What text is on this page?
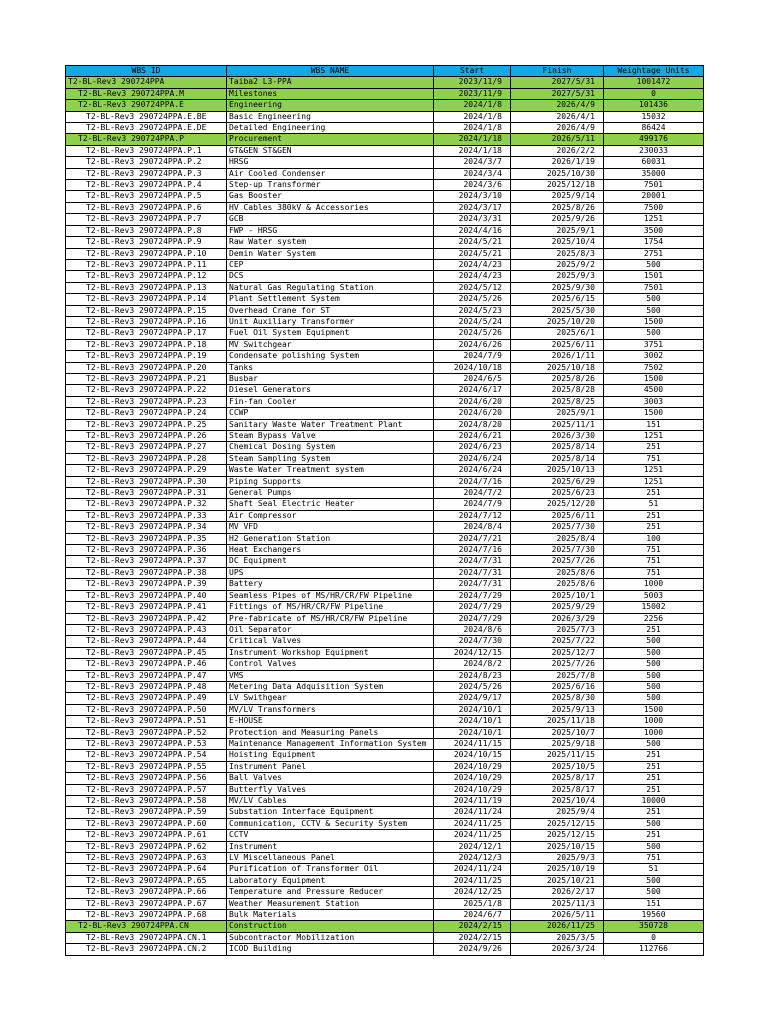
WBS ID	WBS NAME	Start	Finish	Weightage Units
T2-BL-Rev3 290724PPA	Taiba2 L3-PPA	2023/11/9	2027/5/31	1001472
T2-BL-Rev3 290724PPA.M	Milestones	2023/11/9	2027/5/31	0
T2-BL-Rev3 290724PPA.E	Engineering	2024/1/8	2026/4/9	101436
T2-BL-Rev3 290724PPA.E.BE	Basic Engineering	2024/1/8	2026/4/1	15032
T2-BL-Rev3 290724PPA.E.DE	Detailed Engineering	2024/1/8	2026/4/9	86424
T2-BL-Rev3 290724PPA.P	Procurement	2024/1/18	2026/5/11	499176
T2-BL-Rev3 290724PPA.P.1	GT&GEN ST&GEN	2024/1/18	2026/2/2	230033
T2-BL-Rev3 290724PPA.P.2	HRSG	2024/3/7	2026/1/19	60031
T2-BL-Rev3 290724PPA.P.3	Air Cooled Condenser	2024/3/4	2025/10/30	35000
T2-BL-Rev3 290724PPA.P.4	Step-up Transformer	2024/3/6	2025/12/18	7501
T2-BL-Rev3 290724PPA.P.5	Gas Booster	2024/3/10	2025/9/14	20001
T2-BL-Rev3 290724PPA.P.6	HV Cables 380kV & Accessories	2024/3/17	2025/8/26	7500
T2-BL-Rev3 290724PPA.P.7	GCB	2024/3/31	2025/9/26	1251
T2-BL-Rev3 290724PPA.P.8	FWP - HRSG	2024/4/16	2025/9/1	3500
T2-BL-Rev3 290724PPA.P.9	Raw Water system	2024/5/21	2025/10/4	1754
T2-BL-Rev3 290724PPA.P.10	Demin Water System	2024/5/21	2025/8/3	2751
T2-BL-Rev3 290724PPA.P.11	CEP	2024/4/23	2025/9/2	500
T2-BL-Rev3 290724PPA.P.12	DCS	2024/4/23	2025/9/3	1501
T2-BL-Rev3 290724PPA.P.13	Natural Gas Regulating Station	2024/5/12	2025/9/30	7501
T2-BL-Rev3 290724PPA.P.14	Plant Settlement System	2024/5/26	2025/6/15	500
T2-BL-Rev3 290724PPA.P.15	Overhead Crane for ST	2024/5/23	2025/5/30	500
T2-BL-Rev3 290724PPA.P.16	Unit Auxiliary Transformer	2024/5/24	2025/10/20	1500
T2-BL-Rev3 290724PPA.P.17	Fuel Oil System Equipment	2024/5/26	2025/6/1	500
T2-BL-Rev3 290724PPA.P.18	MV Switchgear	2024/6/26	2025/6/11	3751
T2-BL-Rev3 290724PPA.P.19	Condensate polishing System	2024/7/9	2026/1/11	3002
T2-BL-Rev3 290724PPA.P.20	Tanks	2024/10/18	2025/10/18	7502
T2-BL-Rev3 290724PPA.P.21	Busbar	2024/6/5	2025/8/26	1500
T2-BL-Rev3 290724PPA.P.22	Diesel Generators	2024/6/17	2025/8/28	4500
T2-BL-Rev3 290724PPA.P.23	Fin-fan Cooler	2024/6/20	2025/8/25	3003
T2-BL-Rev3 290724PPA.P.24	CCWP	2024/6/20	2025/9/1	1500
T2-BL-Rev3 290724PPA.P.25	Sanitary Waste Water Treatment Plant	2024/8/20	2025/11/1	151
T2-BL-Rev3 290724PPA.P.26	Steam Bypass Valve	2024/6/21	2026/3/30	1251
T2-BL-Rev3 290724PPA.P.27	Chemical Dosing System	2024/6/23	2025/8/14	251
T2-BL-Rev3 290724PPA.P.28	Steam Sampling System	2024/6/24	2025/8/14	751
T2-BL-Rev3 290724PPA.P.29	Waste Water Treatment system	2024/6/24	2025/10/13	1251
T2-BL-Rev3 290724PPA.P.30	Piping Supports	2024/7/16	2025/6/29	1251
T2-BL-Rev3 290724PPA.P.31	General Pumps	2024/7/2	2025/6/23	251
T2-BL-Rev3 290724PPA.P.32	Shaft Seal Electric Heater	2024/7/9	2025/12/20	51
T2-BL-Rev3 290724PPA.P.33	Air Compressor	2024/7/12	2025/6/11	251
T2-BL-Rev3 290724PPA.P.34	MV VFD	2024/8/4	2025/7/30	251
T2-BL-Rev3 290724PPA.P.35	H2 Generation Station	2024/7/21	2025/8/4	100
T2-BL-Rev3 290724PPA.P.36	Heat Exchangers	2024/7/16	2025/7/30	751
T2-BL-Rev3 290724PPA.P.37	DC Equipment	2024/7/31	2025/7/26	751
T2-BL-Rev3 290724PPA.P.38	UPS	2024/7/31	2025/8/6	751
T2-BL-Rev3 290724PPA.P.39	Battery	2024/7/31	2025/8/6	1000
T2-BL-Rev3 290724PPA.P.40	Seamless Pipes of MS/HR/CR/FW Pipeline	2024/7/29	2025/10/1	5003
T2-BL-Rev3 290724PPA.P.41	Fittings of MS/HR/CR/FW Pipeline	2024/7/29	2025/9/29	15002
T2-BL-Rev3 290724PPA.P.42	Pre-fabricate of MS/HR/CR/FW Pipeline	2024/7/29	2026/3/29	2256
T2-BL-Rev3 290724PPA.P.43	Oil Separator	2024/8/6	2025/7/3	251
T2-BL-Rev3 290724PPA.P.44	Critical Valves	2024/7/30	2025/7/22	500
T2-BL-Rev3 290724PPA.P.45	Instrument Workshop Equipment	2024/12/15	2025/12/7	500
T2-BL-Rev3 290724PPA.P.46	Control Valves	2024/8/2	2025/7/26	500
T2-BL-Rev3 290724PPA.P.47	VMS	2024/8/23	2025/7/8	500
T2-BL-Rev3 290724PPA.P.48	Metering Data Adquisition System	2024/5/26	2025/6/16	500
T2-BL-Rev3 290724PPA.P.49	LV Swithgear	2024/9/17	2025/8/30	500
T2-BL-Rev3 290724PPA.P.50	MV/LV Transformers	2024/10/1	2025/9/13	1500
T2-BL-Rev3 290724PPA.P.51	E-HOUSE	2024/10/1	2025/11/18	1000
T2-BL-Rev3 290724PPA.P.52	Protection and Measuring Panels	2024/10/1	2025/10/7	1000
T2-BL-Rev3 290724PPA.P.53	Maintenance Management Information System	2024/11/15	2025/9/18	500
T2-BL-Rev3 290724PPA.P.54	Hoisting Equipment	2024/10/15	2025/11/15	251
T2-BL-Rev3 290724PPA.P.55	Instrument Panel	2024/10/29	2025/10/5	251
T2-BL-Rev3 290724PPA.P.56	Ball Valves	2024/10/29	2025/8/17	251
T2-BL-Rev3 290724PPA.P.57	Butterfly Valves	2024/10/29	2025/8/17	251
T2-BL-Rev3 290724PPA.P.58	MV/LV Cables	2024/11/19	2025/10/4	10000
T2-BL-Rev3 290724PPA.P.59	Substation Interface Equipment	2024/11/24	2025/9/4	251
T2-BL-Rev3 290724PPA.P.60	Communication, CCTV & Security System	2024/11/25	2025/12/15	500
T2-BL-Rev3 290724PPA.P.61	CCTV	2024/11/25	2025/12/15	251
T2-BL-Rev3 290724PPA.P.62	Instrument	2024/12/1	2025/10/15	500
T2-BL-Rev3 290724PPA.P.63	LV Miscellaneous Panel	2024/12/3	2025/9/3	751
T2-BL-Rev3 290724PPA.P.64	Purification of Transformer Oil	2024/11/24	2025/10/19	51
T2-BL-Rev3 290724PPA.P.65	Laboratory Equipment	2024/11/25	2025/10/21	500
T2-BL-Rev3 290724PPA.P.66	Temperature and Pressure Reducer	2024/12/25	2026/2/17	500
T2-BL-Rev3 290724PPA.P.67	Weather Measurement Station	2025/1/8	2025/11/3	151
T2-BL-Rev3 290724PPA.P.68	Bulk Materials	2024/6/7	2026/5/11	19560
T2-BL-Rev3 290724PPA.CN	Construction	2024/2/15	2026/11/25	350728
T2-BL-Rev3 290724PPA.CN.1	Subcontractor Mobilization	2024/2/15	2025/3/5	0
T2-BL-Rev3 290724PPA.CN.2	ICOD Building	2024/9/26	2026/3/24	112766
